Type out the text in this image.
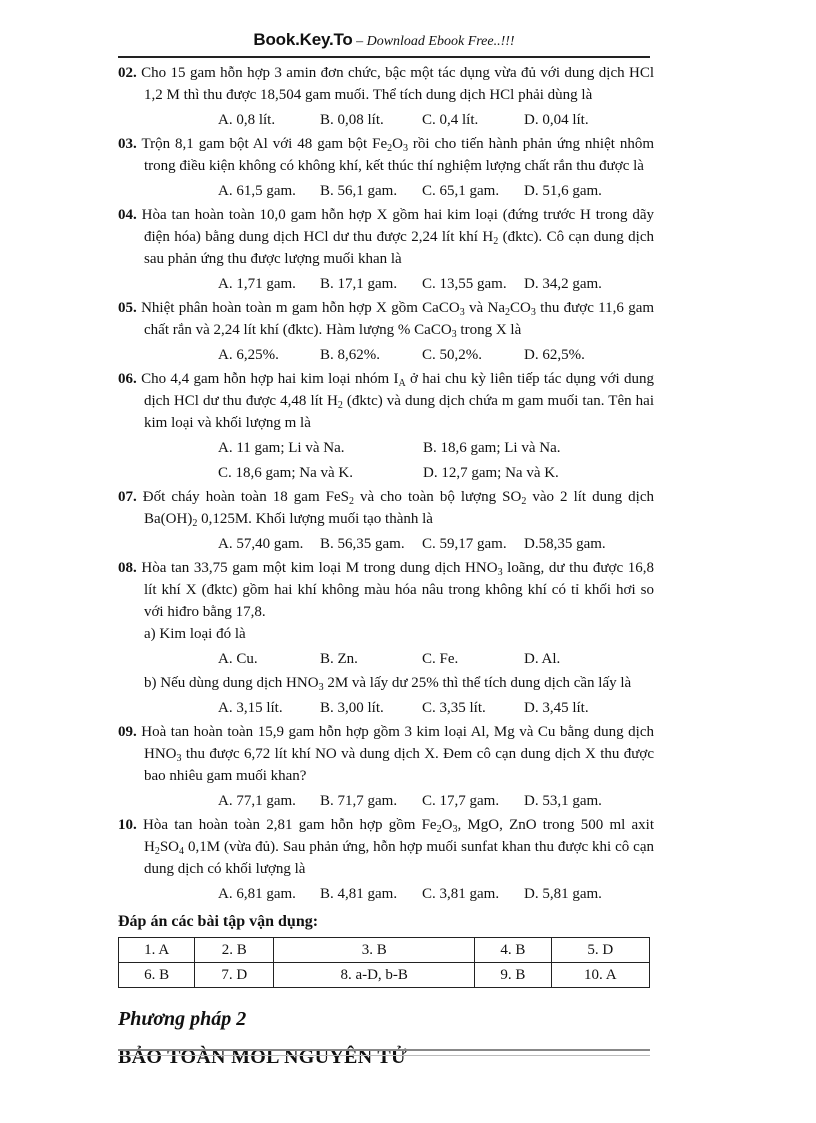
Book.Key.To – Download Ebook Free..!!!

02. Cho 15 gam hỗn hợp 3 amin đơn chức, bậc một tác dụng vừa đủ với dung dịch HCl 1,2 M thì thu được 18,504 gam muối. Thể tích dung dịch HCl phải dùng là

A. 0,8 lít.	B. 0,08 lít.	C. 0,4 lít.	D. 0,04 lít.

03. Trộn 8,1 gam bột Al với 48 gam bột $Fe_2O_3$ rồi cho tiến hành phản ứng nhiệt nhôm trong điều kiện không có không khí, kết thúc thí nghiệm lượng chất rắn thu được là

A. 61,5 gam.	B. 56,1 gam.	C. 65,1 gam.	D. 51,6 gam.

04. Hòa tan hoàn toàn 10,0 gam hỗn hợp X gồm hai kim loại (đứng trước H trong dãy điện hóa) bằng dung dịch HCl dư thu được 2,24 lít khí $H_2$ (đktc). Cô cạn dung dịch sau phản ứng thu được lượng muối khan là

A. 1,71 gam.	B. 17,1 gam.	C. 13,55 gam.	D. 34,2 gam.

05. Nhiệt phân hoàn toàn m gam hỗn hợp X gồm CaCO$_3$ và $Na_2CO_3$ thu được 11,6 gam chất rắn và 2,24 lít khí (đktc). Hàm lượng % CaCO$_3$ trong X là

A. 6,25%.	B. 8,62%.	C. 50,2%.	D. 62,5%.

06. Cho 4,4 gam hỗn hợp hai kim loại nhóm $I_A$ ở hai chu kỳ liên tiếp tác dụng với dung dịch HCl dư thu được 4,48 lít $H_2$ (đktc) và dung dịch chứa m gam muối tan. Tên hai kim loại và khối lượng m là

A. 11 gam; Li và Na.	B. 18,6 gam; Li và Na.
C. 18,6 gam; Na và K.	D. 12,7 gam; Na và K.

07. Đốt cháy hoàn toàn 18 gam FeS$_2$ và cho toàn bộ lượng $SO_2$ vào 2 lít dung dịch $Ba(OH)_2$ 0,125M. Khối lượng muối tạo thành là

A. 57,40 gam.	B. 56,35 gam.	C. 59,17 gam.	D.58,35 gam.

08. Hòa tan 33,75 gam một kim loại M trong dung dịch $HNO_3$ loãng, dư thu được 16,8 lít khí X (đktc) gồm hai khí không màu hóa nâu trong không khí có tỉ khối hơi so với hiđro bằng 17,8.

a) Kim loại đó là

A. Cu.	B. Zn.	C. Fe.	D. Al.

b) Nếu dùng dung dịch $HNO_3$ 2M và lấy dư 25% thì thể tích dung dịch cần lấy là

A. 3,15 lít.	B. 3,00 lít.	C. 3,35 lít.	D. 3,45 lít.

09. Hoà tan hoàn toàn 15,9 gam hỗn hợp gồm 3 kim loại Al, Mg và Cu bằng dung dịch $HNO_3$ thu được 6,72 lít khí NO và dung dịch X. Đem cô cạn dung dịch X thu được bao nhiêu gam muối khan?

A. 77,1 gam.	B. 71,7 gam.	C. 17,7 gam.	D. 53,1 gam.

10. Hòa tan hoàn toàn 2,81 gam hỗn hợp gồm $Fe_2O_3$, MgO, ZnO trong 500 ml axit $H_2SO_4$ 0,1M (vừa đủ). Sau phản ứng, hỗn hợp muối sunfat khan thu được khi cô cạn dung dịch có khối lượng là

A. 6,81 gam.	B. 4,81 gam.	C. 3,81 gam.	D. 5,81 gam.
Đáp án các bài tập vận dụng:
1. A	2. B	3. B	4. B	5. D
6. B	7. D	8. a-D, b-B	9. B	10. A
Phương pháp 2
BẢO TOÀN MOL NGUYÊN TỬ
